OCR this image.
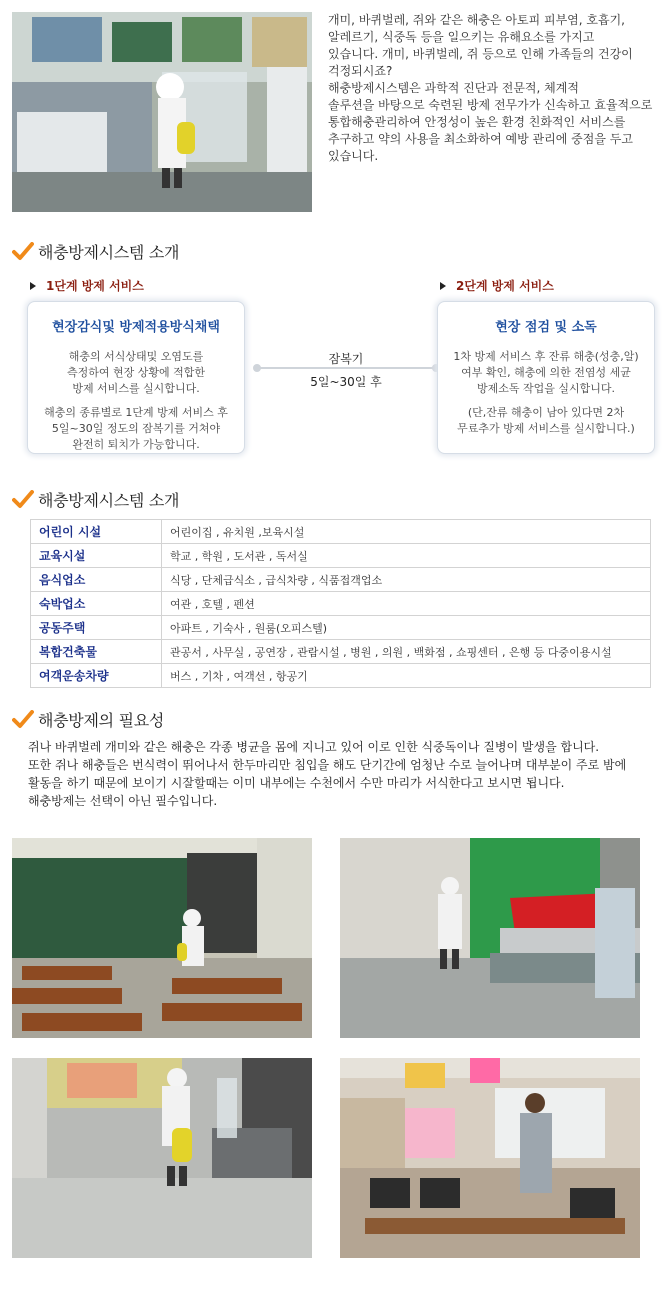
개미, 바퀴벌레, 쥐와 같은 해충은 아토피 피부염, 호흡기,

알레르기, 식중독 등을 일으키는 유해요소를 가지고

있습니다. 개미, 바퀴벌레, 쥐 등으로 인해 가족들의 건강이

걱정되시죠?

해충방제시스템은 과학적 진단과 전문적, 체계적

솔루션을 바탕으로 숙련된 방제 전무가가 신속하고 효율적으로

통합해충관리하여 안정성이 높은 환경 친화적인 서비스를

추구하고 약의 사용을 최소화하여 예방 관리에 중점을 두고

있습니다.

해충방제시스템 소개
1단계 방제 서비스	2단계 방제 서비스
현장감식및 방제적용방식채택
해충의 서식상태및 오염도를
측정하여 현장 상황에 적합한
방제 서비스를 실시합니다.
해충의 종류별로 1단계 방제 서비스 후
5일~30일 정도의 잠복기를 거쳐야
완전히 퇴치가 가능합니다.
잠복기
5일~30일 후
현장 점검 및 소독
1차 방제 서비스 후 잔류 해충(성충,알)
여부 확인, 해충에 의한 전염성 세균
방제소독 작업을 실시합니다.
(단,잔류 해충이 남아 있다면 2차
무료추가 방제 서비스를 실시합니다.)
해충방제시스템 소개
어린이 시설	어린이집 , 유치원 ,보육시설
교육시설	학교 , 학원 , 도서관 , 독서실
음식업소	식당 , 단체급식소 , 급식차량 , 식품접객업소
숙박업소	여관 , 호텔 , 펜션
공동주택	아파트 , 기숙사 , 원룸(오피스텔)
복합건축물	관공서 , 사무실 , 공연장 , 관람시설 , 병원 , 의원 , 백화점 , 쇼핑센터 , 은행 등 다중이용시설
여객운송차량	버스 , 기차 , 여객선 , 항공기
해충방제의 필요성
쥐나 바퀴벌레 개미와 같은 해충은 각종 병균을 몸에 지니고 있어 이로 인한 식중독이나 질병이 발생을 합니다.
또한 쥐나 해충들은 번식력이 뛰어나서 한두마리만 침입을 해도 단기간에 엄청난 수로 늘어나며 대부분이 주로 밤에
활동을 하기 때문에 보이기 시잘할때는 이미 내부에는 수천에서 수만 마리가 서식한다고 보시면 됩니다.
해충방제는 선택이 아닌 필수입니다.
